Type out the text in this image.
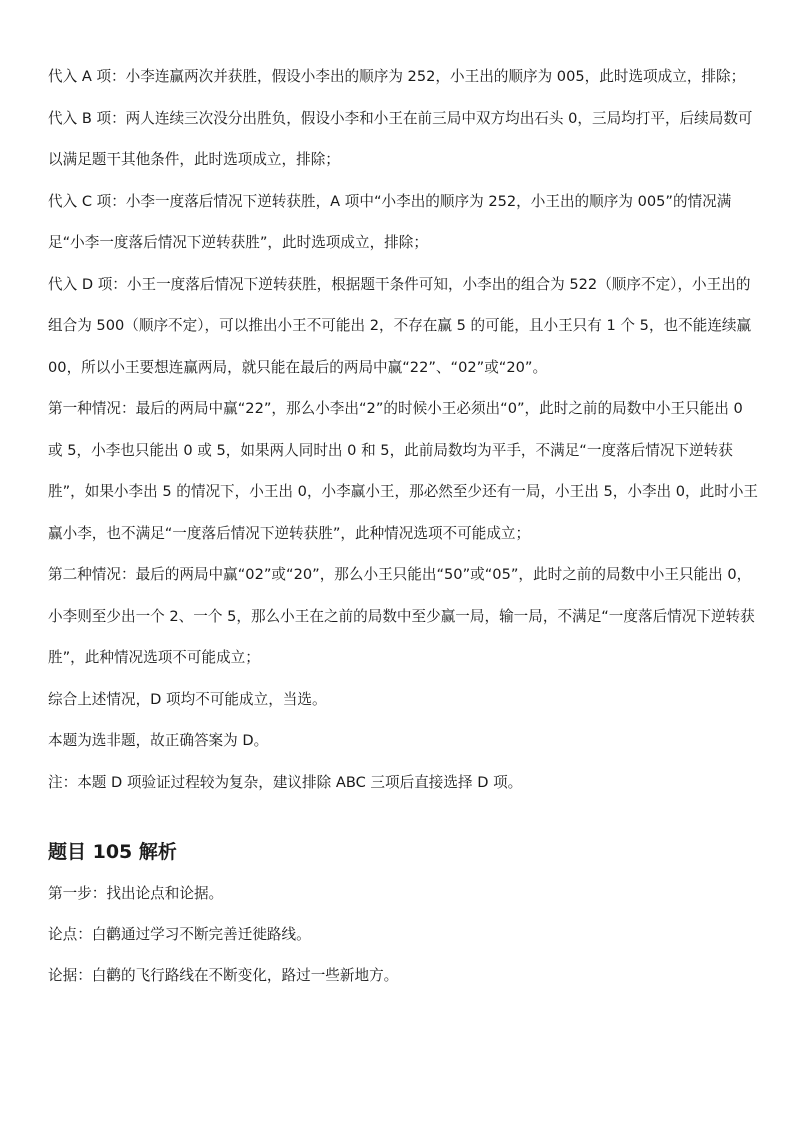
代入 A 项：小李连赢两次并获胜，假设小李出的顺序为 252，小王出的顺序为 005，此时选项成立，排除；

代入 B 项：两人连续三次没分出胜负，假设小李和小王在前三局中双方均出石头 0，三局均打平，后续局数可以满足题干其他条件，此时选项成立，排除；

代入 C 项：小李一度落后情况下逆转获胜，A 项中“小李出的顺序为 252，小王出的顺序为 005”的情况满足“小李一度落后情况下逆转获胜”，此时选项成立，排除；

代入 D 项：小王一度落后情况下逆转获胜，根据题干条件可知，小李出的组合为 522（顺序不定），小王出的组合为 500（顺序不定），可以推出小王不可能出 2，不存在赢 5 的可能，且小王只有 1 个 5，也不能连续赢 00，所以小王要想连赢两局，就只能在最后的两局中赢“22”、“02”或“20”。

第一种情况：最后的两局中赢“22”，那么小李出“2”的时候小王必须出“0”，此时之前的局数中小王只能出 0 或 5，小李也只能出 0 或 5，如果两人同时出 0 和 5，此前局数均为平手，不满足“一度落后情况下逆转获胜”，如果小李出 5 的情况下，小王出 0，小李赢小王，那必然至少还有一局，小王出 5，小李出 0，此时小王赢小李，也不满足“一度落后情况下逆转获胜”，此种情况选项不可能成立；

第二种情况：最后的两局中赢“02”或“20”，那么小王只能出“50”或“05”，此时之前的局数中小王只能出 0，小李则至少出一个 2、一个 5，那么小王在之前的局数中至少赢一局，输一局，不满足“一度落后情况下逆转获胜”，此种情况选项不可能成立；

综合上述情况，D 项均不可能成立，当选。

本题为选非题，故正确答案为 D。

注：本题 D 项验证过程较为复杂，建议排除 ABC 三项后直接选择 D 项。

题目 105 解析

第一步：找出论点和论据。

论点：白鹳通过学习不断完善迁徙路线。

论据：白鹳的飞行路线在不断变化，路过一些新地方。
